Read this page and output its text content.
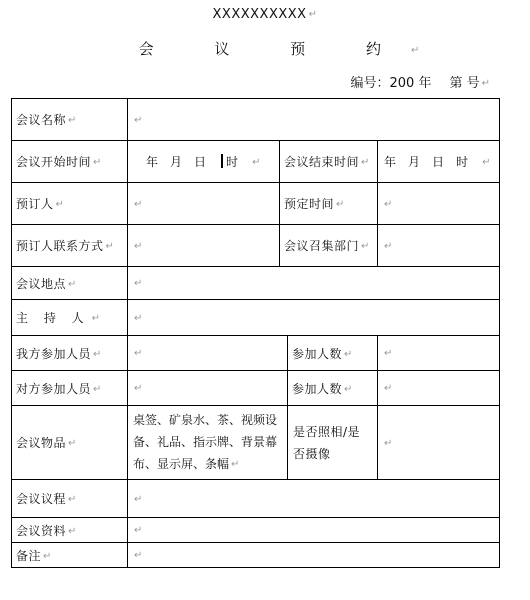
XXXXXXXXXX ↵
会 议 预 约 ↵
编号：200 年 第 号 ↵
会议名称 ↵	↵			
会议开始时间 ↵	年 月 日 时 ↵	会议结束时间 ↵		年 月 日 时 ↵
预订人 ↵	↵	预定时间 ↵		↵
预订人联系方式 ↵	↵	会议召集部门 ↵		↵
会议地点 ↵	↵			
主 持 人 ↵	↵			
我方参加人员 ↵	↵		参加人数 ↵	↵
对方参加人员 ↵	↵		参加人数 ↵	↵
会议物品 ↵	桌签、矿泉水、茶、视频设备、礼品、指示牌、背景幕布、显示屏、条幅 ↵		是否照相/是否摄像	↵
会议议程 ↵	↵			
会议资料 ↵	↵			
备注 ↵	↵			
